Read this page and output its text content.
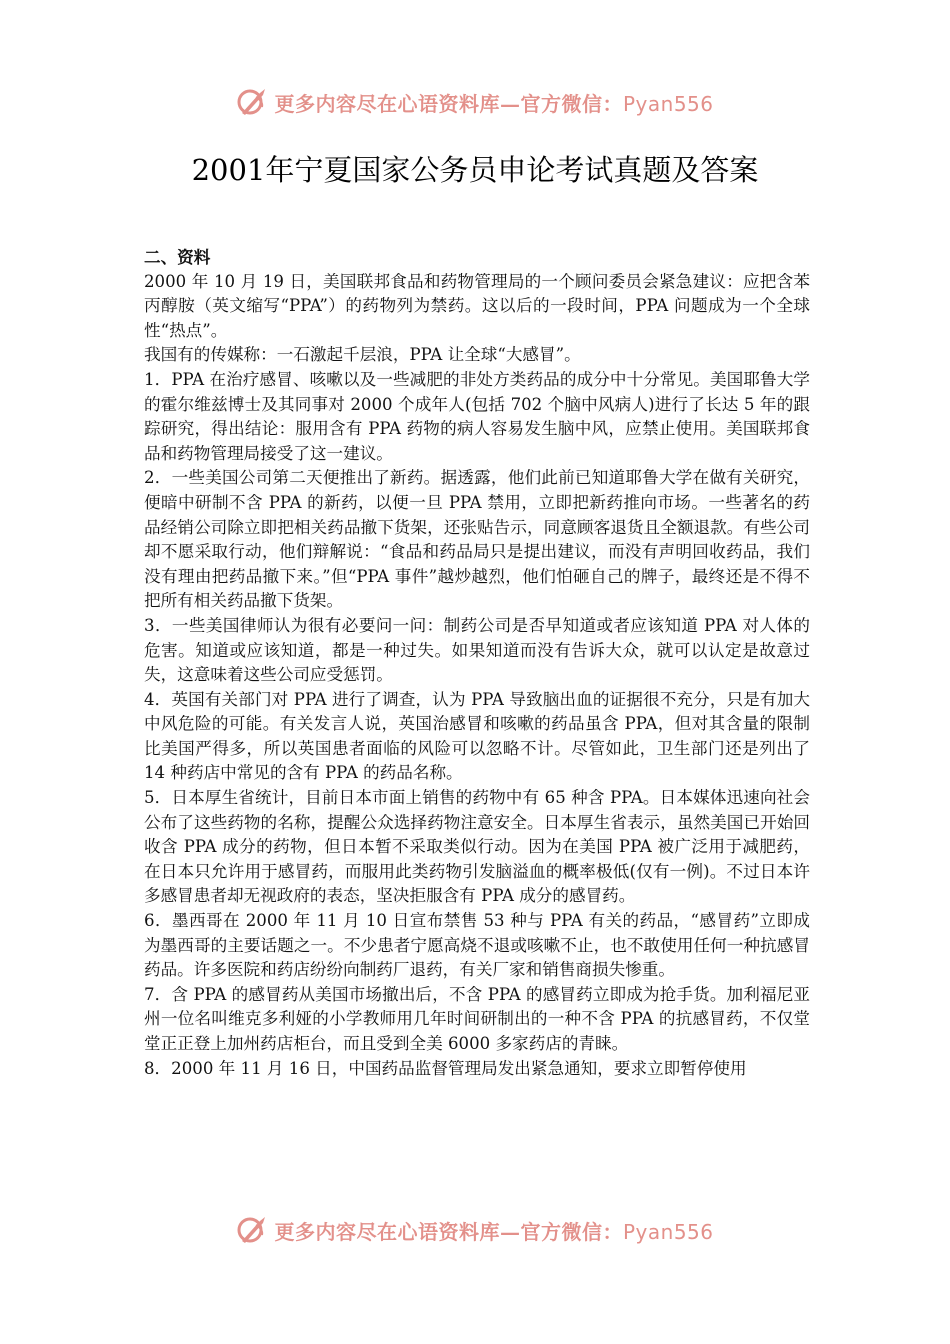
更多内容尽在心语资料库—官方微信：Pyan556
2001年宁夏国家公务员申论考试真题及答案

二、资料

2000 年 10 月 19 日，美国联邦食品和药物管理局的一个顾问委员会紧急建议：应把含苯丙醇胺（英文缩写“PPA”）的药物列为禁药。这以后的一段时间，PPA 问题成为一个全球性“热点”。

我国有的传媒称：一石激起千层浪，PPA 让全球“大感冒”。

1．PPA 在治疗感冒、咳嗽以及一些减肥的非处方类药品的成分中十分常见。美国耶鲁大学的霍尔维兹博士及其同事对 2000 个成年人(包括 702 个脑中风病人)进行了长达 5 年的跟踪研究，得出结论：服用含有 PPA 药物的病人容易发生脑中风，应禁止使用。美国联邦食品和药物管理局接受了这一建议。

2．一些美国公司第二天便推出了新药。据透露，他们此前已知道耶鲁大学在做有关研究，便暗中研制不含 PPA 的新药，以便一旦 PPA 禁用，立即把新药推向市场。一些著名的药品经销公司除立即把相关药品撤下货架，还张贴告示，同意顾客退货且全额退款。有些公司却不愿采取行动，他们辩解说：“食品和药品局只是提出建议，而没有声明回收药品，我们没有理由把药品撤下来。”但“PPA 事件”越炒越烈，他们怕砸自己的牌子，最终还是不得不把所有相关药品撤下货架。

3．一些美国律师认为很有必要问一问：制药公司是否早知道或者应该知道 PPA 对人体的危害。知道或应该知道，都是一种过失。如果知道而没有告诉大众，就可以认定是故意过失，这意味着这些公司应受惩罚。

4．英国有关部门对 PPA 进行了调查，认为 PPA 导致脑出血的证据很不充分，只是有加大中风危险的可能。有关发言人说，英国治感冒和咳嗽的药品虽含 PPA，但对其含量的限制比美国严得多，所以英国患者面临的风险可以忽略不计。尽管如此，卫生部门还是列出了 14 种药店中常见的含有 PPA 的药品名称。

5．日本厚生省统计，目前日本市面上销售的药物中有 65 种含 PPA。日本媒体迅速向社会公布了这些药物的名称，提醒公众选择药物注意安全。日本厚生省表示，虽然美国已开始回收含 PPA 成分的药物，但日本暂不采取类似行动。因为在美国 PPA 被广泛用于减肥药，在日本只允许用于感冒药，而服用此类药物引发脑溢血的概率极低(仅有一例)。不过日本许多感冒患者却无视政府的表态，坚决拒服含有 PPA 成分的感冒药。

6．墨西哥在 2000 年 11 月 10 日宣布禁售 53 种与 PPA 有关的药品，“感冒药”立即成为墨西哥的主要话题之一。不少患者宁愿高烧不退或咳嗽不止，也不敢使用任何一种抗感冒药品。许多医院和药店纷纷向制药厂退药，有关厂家和销售商损失惨重。

7．含 PPA 的感冒药从美国市场撤出后，不含 PPA 的感冒药立即成为抢手货。加利福尼亚州一位名叫维克多利娅的小学教师用几年时间研制出的一种不含 PPA 的抗感冒药，不仅堂堂正正登上加州药店柜台，而且受到全美 6000 多家药店的青睐。

8．2000 年 11 月 16 日，中国药品监督管理局发出紧急通知，要求立即暂停使用

更多内容尽在心语资料库—官方微信：Pyan556
